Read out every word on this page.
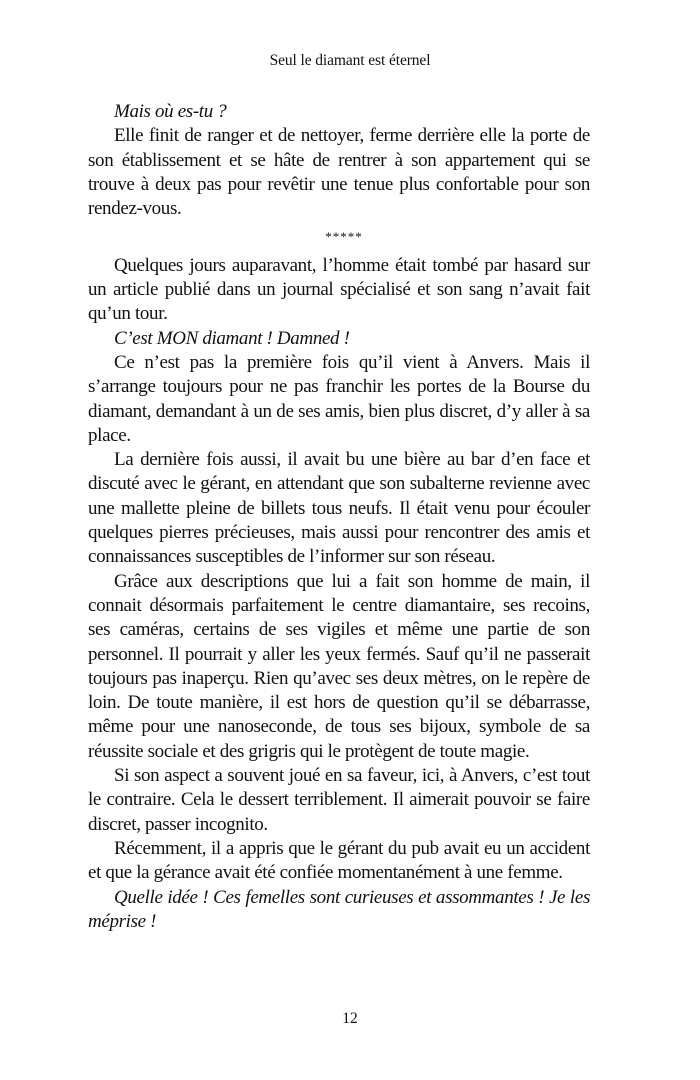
Seul le diamant est éternel

Mais où es-tu ?

Elle finit de ranger et de nettoyer, ferme derrière elle la porte de son établissement et se hâte de rentrer à son appartement qui se trouve à deux pas pour revêtir une tenue plus confortable pour son rendez-vous.

*****

Quelques jours auparavant, l’homme était tombé par hasard sur un article publié dans un journal spécialisé et son sang n’avait fait qu’un tour.

C’est MON diamant ! Damned !

Ce n’est pas la première fois qu’il vient à Anvers. Mais il s’arrange toujours pour ne pas franchir les portes de la Bourse du diamant, demandant à un de ses amis, bien plus discret, d’y aller à sa place.

La dernière fois aussi, il avait bu une bière au bar d’en face et discuté avec le gérant, en attendant que son subalterne revienne avec une mallette pleine de billets tous neufs. Il était venu pour écouler quelques pierres précieuses, mais aussi pour rencontrer des amis et connaissances susceptibles de l’informer sur son réseau.

Grâce aux descriptions que lui a fait son homme de main, il connait désormais parfaitement le centre diamantaire, ses recoins, ses caméras, certains de ses vigiles et même une partie de son personnel. Il pourrait y aller les yeux fermés. Sauf qu’il ne passerait toujours pas inaperçu. Rien qu’avec ses deux mètres, on le repère de loin. De toute manière, il est hors de question qu’il se débarrasse, même pour une nanoseconde, de tous ses bijoux, symbole de sa réussite sociale et des grigris qui le protègent de toute magie.

Si son aspect a souvent joué en sa faveur, ici, à Anvers, c’est tout le contraire. Cela le dessert terriblement. Il aimerait pouvoir se faire discret, passer incognito.

Récemment, il a appris que le gérant du pub avait eu un accident et que la gérance avait été confiée momentanément à une femme.

Quelle idée ! Ces femelles sont curieuses et assommantes ! Je les méprise !

12
